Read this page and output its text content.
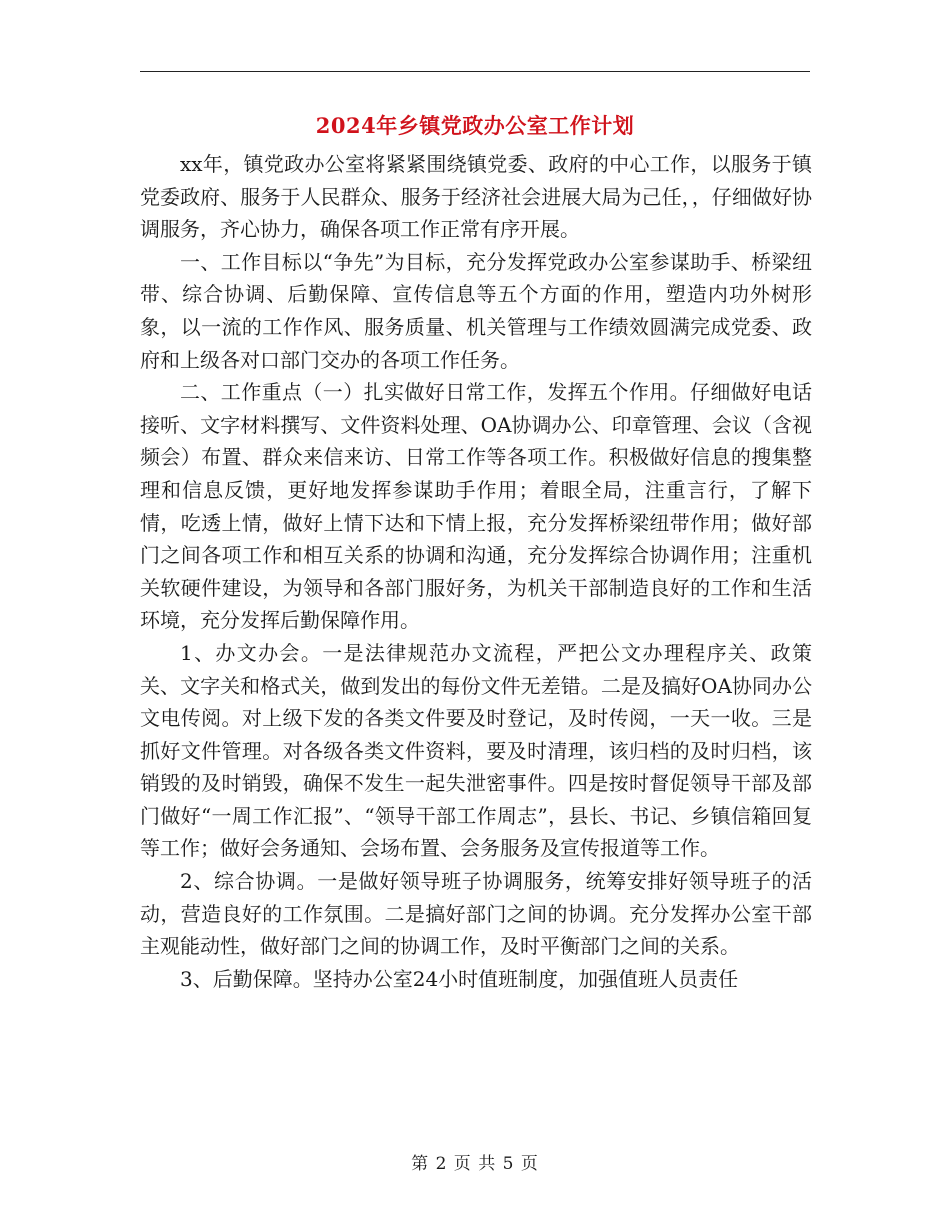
2024年乡镇党政办公室工作计划

xx年，镇党政办公室将紧紧围绕镇党委、政府的中心工作，以服务于镇党委政府、服务于人民群众、服务于经济社会进展大局为己任，，仔细做好协调服务，齐心协力，确保各项工作正常有序开展。

一、工作目标以“争先”为目标，充分发挥党政办公室参谋助手、桥梁纽带、综合协调、后勤保障、宣传信息等五个方面的作用，塑造内功外树形象，以一流的工作作风、服务质量、机关管理与工作绩效圆满完成党委、政府和上级各对口部门交办的各项工作任务。

二、工作重点（一）扎实做好日常工作，发挥五个作用。仔细做好电话接听、文字材料撰写、文件资料处理、OA协调办公、印章管理、会议（含视频会）布置、群众来信来访、日常工作等各项工作。积极做好信息的搜集整理和信息反馈，更好地发挥参谋助手作用；着眼全局，注重言行，了解下情，吃透上情，做好上情下达和下情上报，充分发挥桥梁纽带作用；做好部门之间各项工作和相互关系的协调和沟通，充分发挥综合协调作用；注重机关软硬件建设，为领导和各部门服好务，为机关干部制造良好的工作和生活环境，充分发挥后勤保障作用。

1、办文办会。一是法律规范办文流程，严把公文办理程序关、政策关、文字关和格式关，做到发出的每份文件无差错。二是及搞好OA协同办公文电传阅。对上级下发的各类文件要及时登记，及时传阅，一天一收。三是抓好文件管理。对各级各类文件资料，要及时清理，该归档的及时归档，该销毁的及时销毁，确保不发生一起失泄密事件。四是按时督促领导干部及部门做好“一周工作汇报”、“领导干部工作周志”，县长、书记、乡镇信箱回复等工作；做好会务通知、会场布置、会务服务及宣传报道等工作。

2、综合协调。一是做好领导班子协调服务，统筹安排好领导班子的活动，营造良好的工作氛围。二是搞好部门之间的协调。充分发挥办公室干部主观能动性，做好部门之间的协调工作，及时平衡部门之间的关系。

3、后勤保障。坚持办公室24小时值班制度，加强值班人员责任

第 2 页 共 5 页
